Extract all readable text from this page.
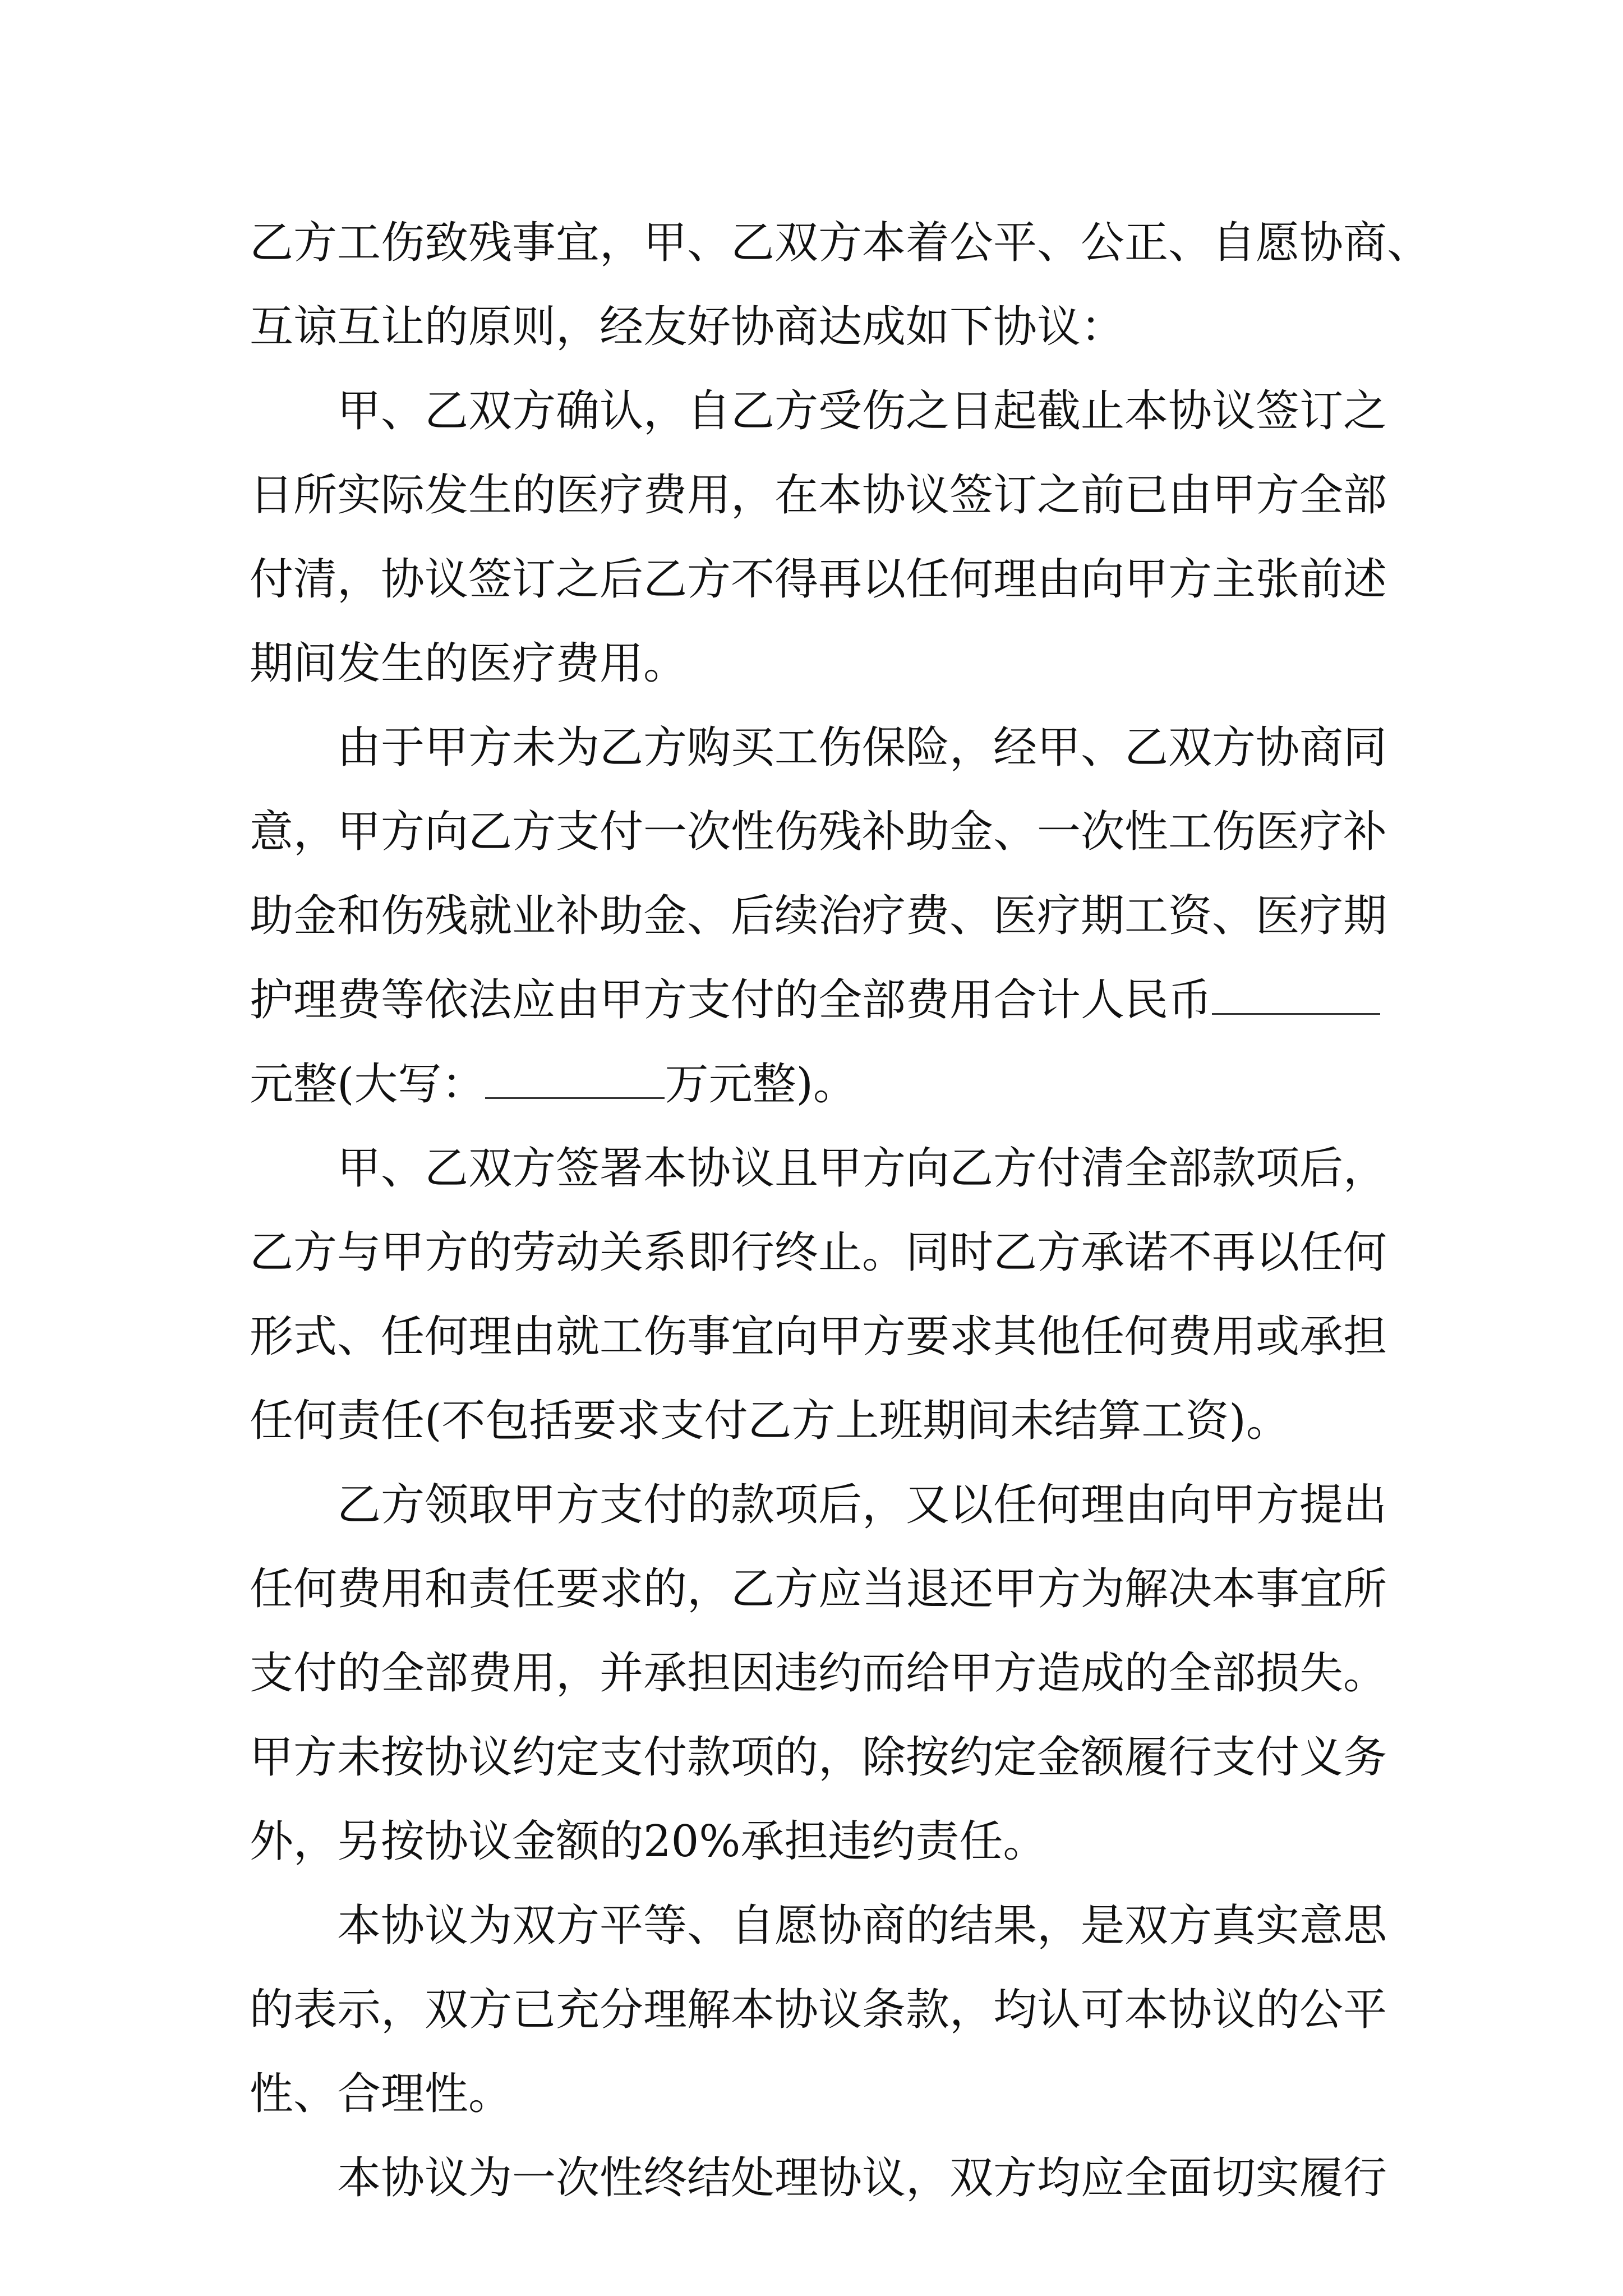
乙方工伤致残事宜，甲、乙双方本着公平、公正、自愿协商、
互谅互让的原则，经友好协商达成如下协议：
甲、乙双方确认，自乙方受伤之日起截止本协议签订之
日所实际发生的医疗费用，在本协议签订之前已由甲方全部
付清，协议签订之后乙方不得再以任何理由向甲方主张前述
期间发生的医疗费用。
由于甲方未为乙方购买工伤保险，经甲、乙双方协商同
意，甲方向乙方支付一次性伤残补助金、一次性工伤医疗补
助金和伤残就业补助金、后续治疗费、医疗期工资、医疗期
护理费等依法应由甲方支付的全部费用合计人民币
元整(大写：	万元整)。
甲、乙双方签署本协议且甲方向乙方付清全部款项后，
乙方与甲方的劳动关系即行终止。同时乙方承诺不再以任何
形式、任何理由就工伤事宜向甲方要求其他任何费用或承担
任何责任(不包括要求支付乙方上班期间未结算工资)。
乙方领取甲方支付的款项后，又以任何理由向甲方提出
任何费用和责任要求的，乙方应当退还甲方为解决本事宜所
支付的全部费用，并承担因违约而给甲方造成的全部损失。
甲方未按协议约定支付款项的，除按约定金额履行支付义务
外，另按协议金额的20%承担违约责任。
本协议为双方平等、自愿协商的结果，是双方真实意思
的表示，双方已充分理解本协议条款，均认可本协议的公平
性、合理性。
本协议为一次性终结处理协议，双方均应全面切实履行
